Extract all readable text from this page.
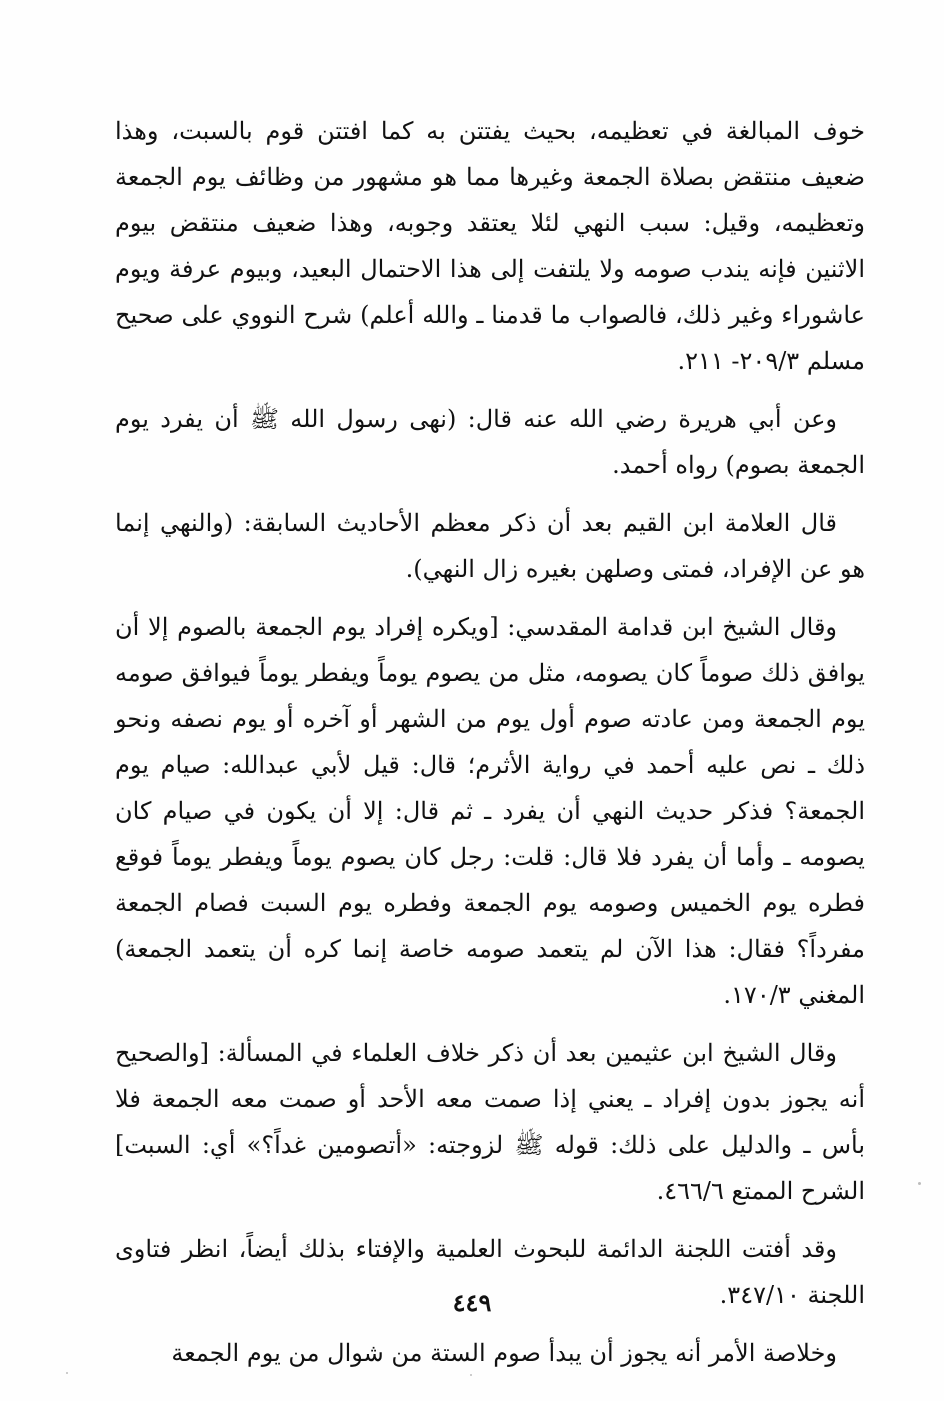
خوف المبالغة في تعظيمه، بحيث يفتتن به كما افتتن قوم بالسبت، وهذا ضعيف منتقض بصلاة الجمعة وغيرها مما هو مشهور من وظائف يوم الجمعة وتعظيمه، وقيل: سبب النهي لئلا يعتقد وجوبه، وهذا ضعيف منتقض بيوم الاثنين فإنه يندب صومه ولا يلتفت إلى هذا الاحتمال البعيد، وبيوم عرفة ويوم عاشوراء وغير ذلك، فالصواب ما قدمنا ـ والله أعلم) شرح النووي على صحيح مسلم ٢٠٩/٣- ٢١١.

وعن أبي هريرة رضي الله عنه قال: (نهى رسول الله ﷺ أن يفرد يوم الجمعة بصوم) رواه أحمد.

قال العلامة ابن القيم بعد أن ذكر معظم الأحاديث السابقة: (والنهي إنما هو عن الإفراد، فمتى وصلهن بغيره زال النهي).

وقال الشيخ ابن قدامة المقدسي: [ويكره إفراد يوم الجمعة بالصوم إلا أن يوافق ذلك صوماً كان يصومه، مثل من يصوم يوماً ويفطر يوماً فيوافق صومه يوم الجمعة ومن عادته صوم أول يوم من الشهر أو آخره أو يوم نصفه ونحو ذلك ـ نص عليه أحمد في رواية الأثرم؛ قال: قيل لأبي عبدالله: صيام يوم الجمعة؟ فذكر حديث النهي أن يفرد ـ ثم قال: إلا أن يكون في صيام كان يصومه ـ وأما أن يفرد فلا قال: قلت: رجل كان يصوم يوماً ويفطر يوماً فوقع فطره يوم الخميس وصومه يوم الجمعة وفطره يوم السبت فصام الجمعة مفرداً؟ فقال: هذا الآن لم يتعمد صومه خاصة إنما كره أن يتعمد الجمعة) المغني ١٧٠/٣.

وقال الشيخ ابن عثيمين بعد أن ذكر خلاف العلماء في المسألة: [والصحيح أنه يجوز بدون إفراد ـ يعني إذا صمت معه الأحد أو صمت معه الجمعة فلا بأس ـ والدليل على ذلك: قوله ﷺ لزوجته: «أتصومين غداً؟» أي: السبت] الشرح الممتع ٤٦٦/٦.

وقد أفتت اللجنة الدائمة للبحوث العلمية والإفتاء بذلك أيضاً، انظر فتاوى اللجنة ٣٤٧/١٠.

وخلاصة الأمر أنه يجوز أن يبدأ صوم الستة من شوال من يوم الجمعة

٤٤٩
